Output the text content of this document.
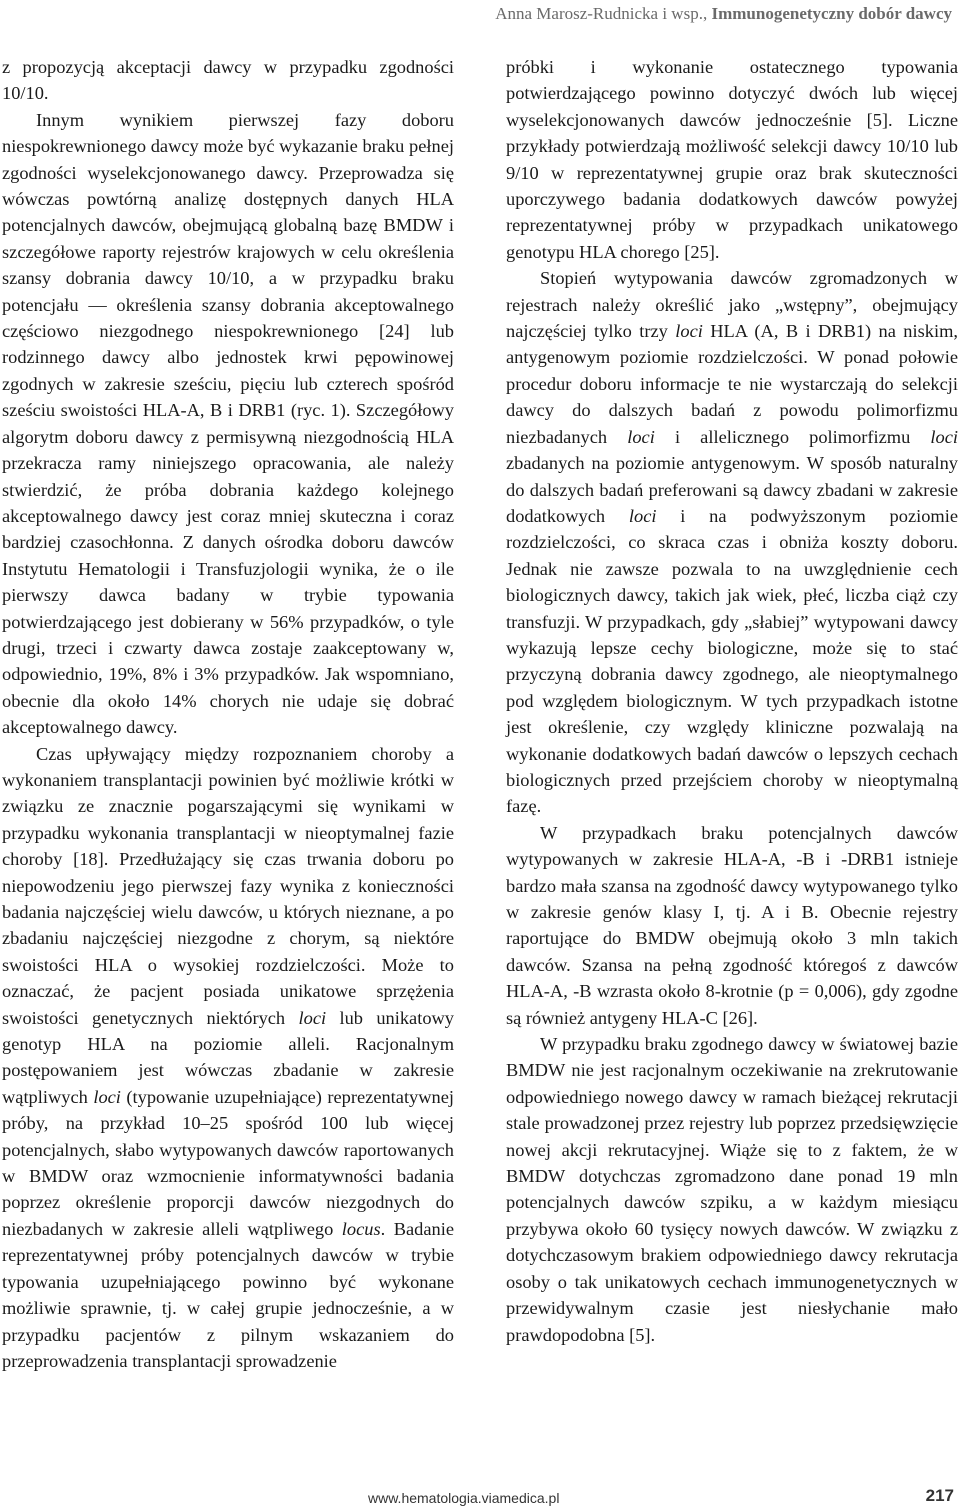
Anna Marosz-Rudnicka i wsp., Immunogenetyczny dobór dawcy

z propozycją akceptacji dawcy w przypadku zgodności 10/10.

Innym wynikiem pierwszej fazy doboru niespokrewnionego dawcy może być wykazanie braku pełnej zgodności wyselekcjonowanego dawcy. Przeprowadza się wówczas powtórną analizę dostępnych danych HLA potencjalnych dawców, obejmującą globalną bazę BMDW i szczegółowe raporty rejestrów krajowych w celu określenia szansy dobrania dawcy 10/10, a w przypadku braku potencjału — określenia szansy dobrania akceptowalnego częściowo niezgodnego niespokrewnionego [24] lub rodzinnego dawcy albo jednostek krwi pępowinowej zgodnych w zakresie sześciu, pięciu lub czterech spośród sześciu swoistości HLA-A, B i DRB1 (ryc. 1). Szczegółowy algorytm doboru dawcy z permisywną niezgodnością HLA przekracza ramy niniejszego opracowania, ale należy stwierdzić, że próba dobrania każdego kolejnego akceptowalnego dawcy jest coraz mniej skuteczna i coraz bardziej czasochłonna. Z danych ośrodka doboru dawców Instytutu Hematologii i Transfuzjologii wynika, że o ile pierwszy dawca badany w trybie typowania potwierdzającego jest dobierany w 56% przypadków, o tyle drugi, trzeci i czwarty dawca zostaje zaakceptowany w, odpowiednio, 19%, 8% i 3% przypadków. Jak wspomniano, obecnie dla około 14% chorych nie udaje się dobrać akceptowalnego dawcy.

Czas upływający między rozpoznaniem choroby a wykonaniem transplantacji powinien być możliwie krótki w związku ze znacznie pogarszającymi się wynikami w przypadku wykonania transplantacji w nieoptymalnej fazie choroby [18]. Przedłużający się czas trwania doboru po niepowodzeniu jego pierwszej fazy wynika z konieczności badania najczęściej wielu dawców, u których nieznane, a po zbadaniu najczęściej niezgodne z chorym, są niektóre swoistości HLA o wysokiej rozdzielczości. Może to oznaczać, że pacjent posiada unikatowe sprzężenia swoistości genetycznych niektórych loci lub unikatowy genotyp HLA na poziomie alleli. Racjonalnym postępowaniem jest wówczas zbadanie w zakresie wątpliwych loci (typowanie uzupełniające) reprezentatywnej próby, na przykład 10–25 spośród 100 lub więcej potencjalnych, słabo wytypowanych dawców raportowanych w BMDW oraz wzmocnienie informatywności badania poprzez określenie proporcji dawców niezgodnych do niezbadanych w zakresie alleli wątpliwego locus. Badanie reprezentatywnej próby potencjalnych dawców w trybie typowania uzupełniającego powinno być wykonane możliwie sprawnie, tj. w całej grupie jednocześnie, a w przypadku pacjentów z pilnym wskazaniem do przeprowadzenia transplantacji sprowadzenie

próbki i wykonanie ostatecznego typowania potwierdzającego powinno dotyczyć dwóch lub więcej wyselekcjonowanych dawców jednocześnie [5]. Liczne przykłady potwierdzają możliwość selekcji dawcy 10/10 lub 9/10 w reprezentatywnej grupie oraz brak skuteczności uporczywego badania dodatkowych dawców powyżej reprezentatywnej próby w przypadkach unikatowego genotypu HLA chorego [25].

Stopień wytypowania dawców zgromadzonych w rejestrach należy określić jako „wstępny”, obejmujący najczęściej tylko trzy loci HLA (A, B i DRB1) na niskim, antygenowym poziomie rozdzielczości. W ponad połowie procedur doboru informacje te nie wystarczają do selekcji dawcy do dalszych badań z powodu polimorfizmu niezbadanych loci i allelicznego polimorfizmu loci zbadanych na poziomie antygenowym. W sposób naturalny do dalszych badań preferowani są dawcy zbadani w zakresie dodatkowych loci i na podwyższonym poziomie rozdzielczości, co skraca czas i obniża koszty doboru. Jednak nie zawsze pozwala to na uwzględnienie cech biologicznych dawcy, takich jak wiek, płeć, liczba ciąż czy transfuzji. W przypadkach, gdy „słabiej” wytypowani dawcy wykazują lepsze cechy biologiczne, może się to stać przyczyną dobrania dawcy zgodnego, ale nieoptymalnego pod względem biologicznym. W tych przypadkach istotne jest określenie, czy względy kliniczne pozwalają na wykonanie dodatkowych badań dawców o lepszych cechach biologicznych przed przejściem choroby w nieoptymalną fazę.

W przypadkach braku potencjalnych dawców wytypowanych w zakresie HLA-A, -B i -DRB1 istnieje bardzo mała szansa na zgodność dawcy wytypowanego tylko w zakresie genów klasy I, tj. A i B. Obecnie rejestry raportujące do BMDW obejmują około 3 mln takich dawców. Szansa na pełną zgodność któregoś z dawców HLA-A, -B wzrasta około 8-krotnie (p = 0,006), gdy zgodne są również antygeny HLA-C [26].

W przypadku braku zgodnego dawcy w światowej bazie BMDW nie jest racjonalnym oczekiwanie na zrekrutowanie odpowiedniego nowego dawcy w ramach bieżącej rekrutacji stale prowadzonej przez rejestry lub poprzez przedsięwzięcie nowej akcji rekrutacyjnej. Wiąże się to z faktem, że w BMDW dotychczas zgromadzono dane ponad 19 mln potencjalnych dawców szpiku, a w każdym miesiącu przybywa około 60 tysięcy nowych dawców. W związku z dotychczasowym brakiem odpowiedniego dawcy rekrutacja osoby o tak unikatowych cechach immunogenetycznych w przewidywalnym czasie jest niesłychanie mało prawdopodobna [5].

www.hematologia.viamedica.pl	217
